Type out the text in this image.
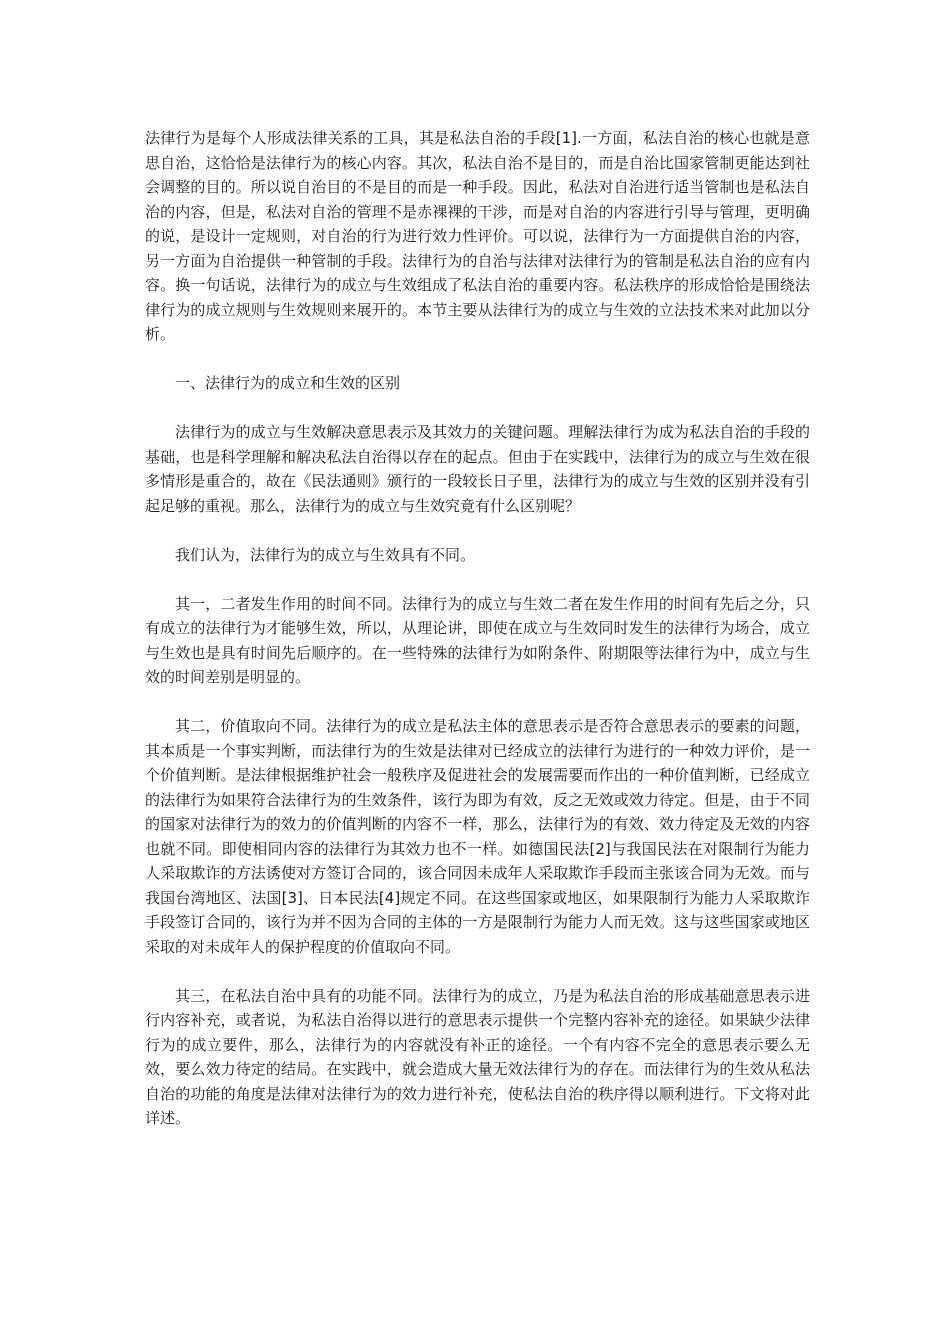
法律行为是每个人形成法律关系的工具，其是私法自治的手段[1].一方面，私法自治的核心也就是意思自治，这恰恰是法律行为的核心内容。其次，私法自治不是目的，而是自治比国家管制更能达到社会调整的目的。所以说自治目的不是目的而是一种手段。因此，私法对自治进行适当管制也是私法自治的内容，但是，私法对自治的管理不是赤裸裸的干涉，而是对自治的内容进行引导与管理，更明确的说，是设计一定规则，对自治的行为进行效力性评价。可以说，法律行为一方面提供自治的内容，另一方面为自治提供一种管制的手段。法律行为的自治与法律对法律行为的管制是私法自治的应有内容。换一句话说，法律行为的成立与生效组成了私法自治的重要内容。私法秩序的形成恰恰是围绕法律行为的成立规则与生效规则来展开的。本节主要从法律行为的成立与生效的立法技术来对此加以分析。

一、法律行为的成立和生效的区别

法律行为的成立与生效解决意思表示及其效力的关键问题。理解法律行为成为私法自治的手段的基础，也是科学理解和解决私法自治得以存在的起点。但由于在实践中，法律行为的成立与生效在很多情形是重合的，故在《民法通则》颁行的一段较长日子里，法律行为的成立与生效的区别并没有引起足够的重视。那么，法律行为的成立与生效究竟有什么区别呢？

我们认为，法律行为的成立与生效具有不同。

其一，二者发生作用的时间不同。法律行为的成立与生效二者在发生作用的时间有先后之分，只有成立的法律行为才能够生效，所以，从理论讲，即使在成立与生效同时发生的法律行为场合，成立与生效也是具有时间先后顺序的。在一些特殊的法律行为如附条件、附期限等法律行为中，成立与生效的时间差别是明显的。

其二，价值取向不同。法律行为的成立是私法主体的意思表示是否符合意思表示的要素的问题，其本质是一个事实判断，而法律行为的生效是法律对已经成立的法律行为进行的一种效力评价，是一个价值判断。是法律根据维护社会一般秩序及促进社会的发展需要而作出的一种价值判断，已经成立的法律行为如果符合法律行为的生效条件，该行为即为有效，反之无效或效力待定。但是，由于不同的国家对法律行为的效力的价值判断的内容不一样，那么，法律行为的有效、效力待定及无效的内容也就不同。即使相同内容的法律行为其效力也不一样。如德国民法[2]与我国民法在对限制行为能力人采取欺诈的方法诱使对方签订合同的，该合同因未成年人采取欺诈手段而主张该合同为无效。而与我国台湾地区、法国[3]、日本民法[4]规定不同。在这些国家或地区，如果限制行为能力人采取欺诈手段签订合同的，该行为并不因为合同的主体的一方是限制行为能力人而无效。这与这些国家或地区采取的对未成年人的保护程度的价值取向不同。

其三，在私法自治中具有的功能不同。法律行为的成立，乃是为私法自治的形成基础意思表示进行内容补充，或者说，为私法自治得以进行的意思表示提供一个完整内容补充的途径。如果缺少法律行为的成立要件，那么，法律行为的内容就没有补正的途径。一个有内容不完全的意思表示要么无效，要么效力待定的结局。在实践中，就会造成大量无效法律行为的存在。而法律行为的生效从私法自治的功能的角度是法律对法律行为的效力进行补充，使私法自治的秩序得以顺利进行。下文将对此详述。
